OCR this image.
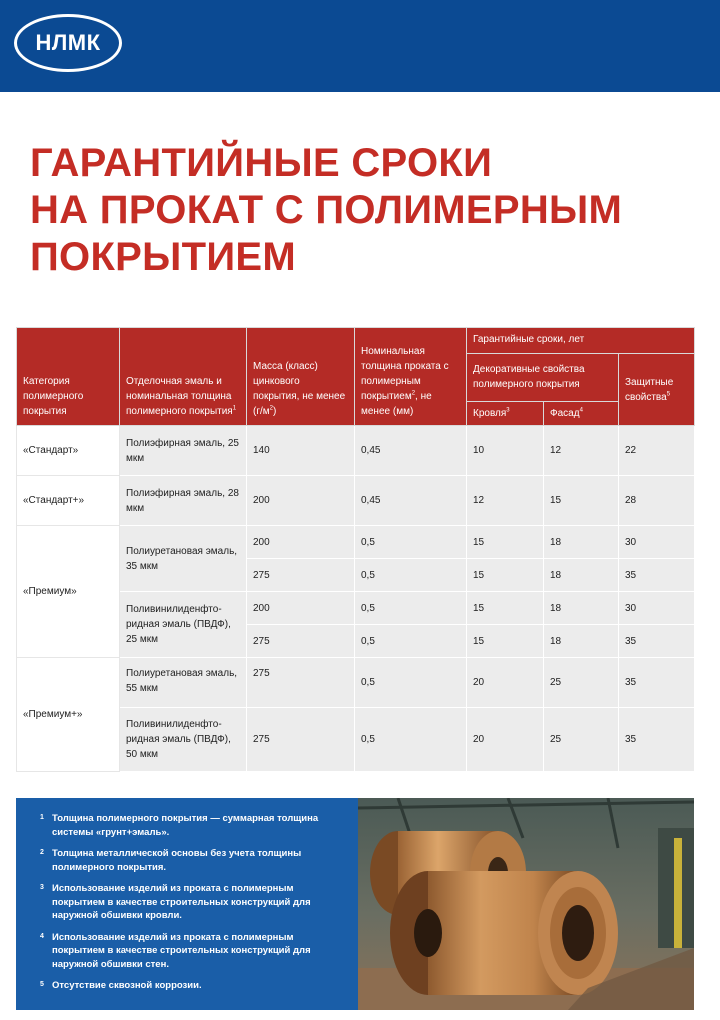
НЛМК
ГАРАНТИЙНЫЕ СРОКИ
НА ПРОКАТ С ПОЛИМЕРНЫМ
ПОКРЫТИЕМ
Категория полимерного покрытия	Отделочная эмаль и номинальная толщина полимерного покрытия$^1$	Масса (класс) цинкового покрытия, не менее $(г/м^2)$	Номинальная толщина проката с полимерным покрытием$^2$, не менее (мм)	Гарантийные сроки, лет		
				Декоративные свойства полимерного покрытия		Защитные свойства$^5$
				Кровля$^3$	Фасад$^4$
«Стандарт»	Полиэфирная эмаль, 25 мкм	140	0,45	10	12	22
«Стандарт+»	Полиэфирная эмаль, 28 мкм	200	0,45	12	15	28
«Премиум»	Полиуретановая эмаль, 35 мкм	200	0,5	15	18	30
		275	0,5	15	18	35
	Поливинилиденфто-ридная эмаль (ПВДФ), 25 мкм	200	0,5	15	18	30
		275	0,5	15	18	35
«Премиум+»	Полиуретановая эмаль, 55 мкм	275	0,5	20	25	35
	Поливинилиденфто-ридная эмаль (ПВДФ), 50 мкм	275	0,5	20	25	35
1 Толщина полимерного покрытия — суммарная толщина системы «грунт+эмаль».
2 Толщина металлической основы без учета толщины полимерного покрытия.
3 Использование изделий из проката с полимерным покрытием в качестве строительных конструкций для наружной обшивки кровли.
4 Использование изделий из проката с полимерным покрытием в качестве строительных конструкций для наружной обшивки стен.
5 Отсутствие сквозной коррозии.
